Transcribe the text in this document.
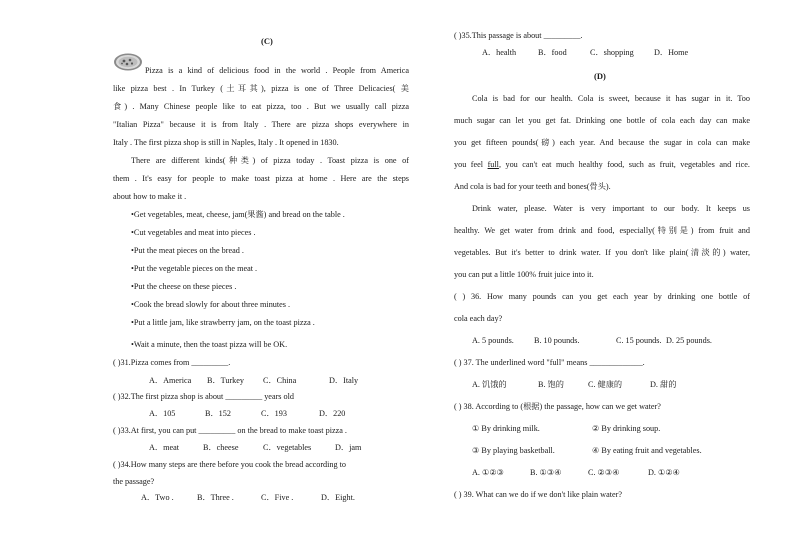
(C)
Pizza is a kind of delicious food in the world . People from America
like pizza best . In Turkey (土耳其), pizza is one of Three Delicacies( 美
食) . Many Chinese people like to eat pizza, too . But we usually call pizza
"Italian Pizza" because it is from Italy . There are pizza shops everywhere in
Italy . The first pizza shop is still in Naples, Italy . It opened in 1830.
There are different kinds(种类) of pizza today . Toast pizza is one of
them . It's easy for people to make toast pizza at home . Here are the steps
about how to make it .
•Get vegetables, meat, cheese, jam(果酱) and bread on the table .
•Cut vegetables and meat into pieces .
•Put the meat pieces on the bread .
•Put the vegetable pieces on the meat .
•Put the cheese on these pieces .
•Cook the bread slowly for about three minutes .
•Put a little jam, like strawberry jam, on the toast pizza .
•Wait a minute, then the toast pizza will be OK.
( )31.Pizza comes from _________.
A．America B．Turkey C．China	D．Italy
( )32.The first pizza shop is about _________ years old
A．105	B．152	C．193	D．220
( )33.At first, you can put _________ on the bread to make toast pizza .
A．meat	B．cheese	C．vegetables	D．jam
( )34.How many steps are there before you cook the bread according to
the passage?
A．Two .	B．Three .	C．Five .	D．Eight.
( )35.This passage is about _________.
A．health	B．food	C．shopping D．Home
(D)
Cola is bad for our health. Cola is sweet, because it has sugar in it. Too
much sugar can let you get fat. Drinking one bottle of cola each day can make
you get fifteen pounds(磅) each year. And because the sugar in cola can make
you feel full, you can't eat much healthy food, such as fruit, vegetables and rice.
And cola is bad for your teeth and bones(骨头).
Drink water, please. Water is very important to our body. It keeps us
healthy. We get water from drink and food, especially(特别是) from fruit and
vegetables. But it's better to drink water. If you don't like plain(清淡的) water,
you can put a little 100% fruit juice into it.
( ) 36. How many pounds can you get each year by drinking one bottle of
cola each day?
A. 5 pounds. B. 10 pounds.	C. 15 pounds. D. 25 pounds.
( ) 37. The underlined word "full" means _____________.
A. 饥饿的	B. 饱的	C. 健康的	D. 甜的
( ) 38. According to (根据) the passage, how can we get water?
① By drinking milk.	② By drinking soup.
③ By playing basketball.	④ By eating fruit and vegetables.
A. ①②③	B. ①③④	C. ②③④	D. ①②④
( ) 39. What can we do if we don't like plain water?
